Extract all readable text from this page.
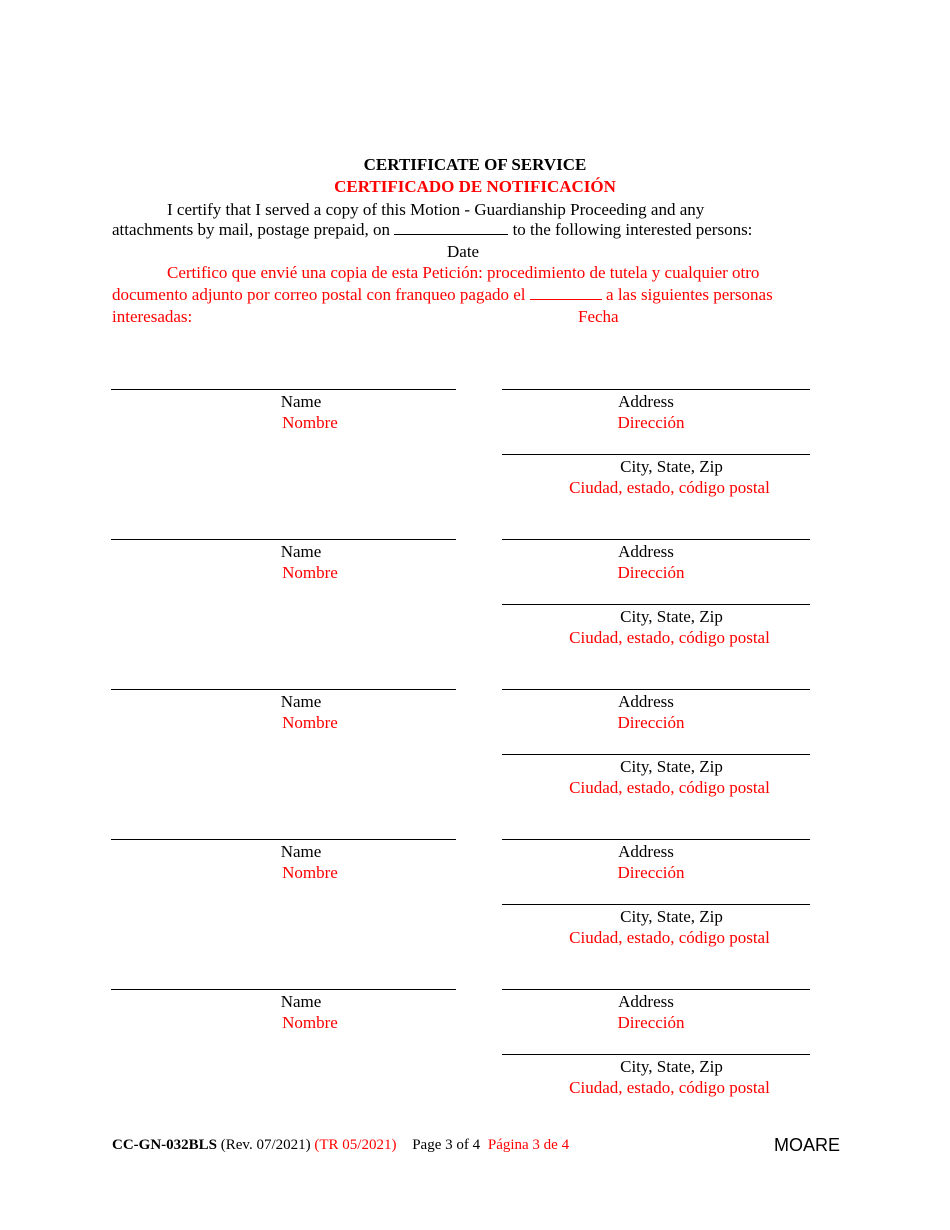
CERTIFICATE OF SERVICE
CERTIFICADO DE NOTIFICACIÓN
I certify that I served a copy of this Motion - Guardianship Proceeding and any
attachments by mail, postage prepaid, on	to the following interested persons:
Date
Certifico que envié una copia de esta Petición: procedimiento de tutela y cualquier otro
documento adjunto por correo postal con franqueo pagado el	a las siguientes personas
interesadas:	Fecha
Name
Nombre
Address
Dirección
City, State, Zip
Ciudad, estado, código postal
Name
Nombre
Address
Dirección
City, State, Zip
Ciudad, estado, código postal
Name
Nombre
Address
Dirección
City, State, Zip
Ciudad, estado, código postal
Name
Nombre
Address
Dirección
City, State, Zip
Ciudad, estado, código postal
Name
Nombre
Address
Dirección
City, State, Zip
Ciudad, estado, código postal
CC-GN-032BLS (Rev. 07/2021) (TR 05/2021) Page 3 of 4 Página 3 de 4	MOARE
